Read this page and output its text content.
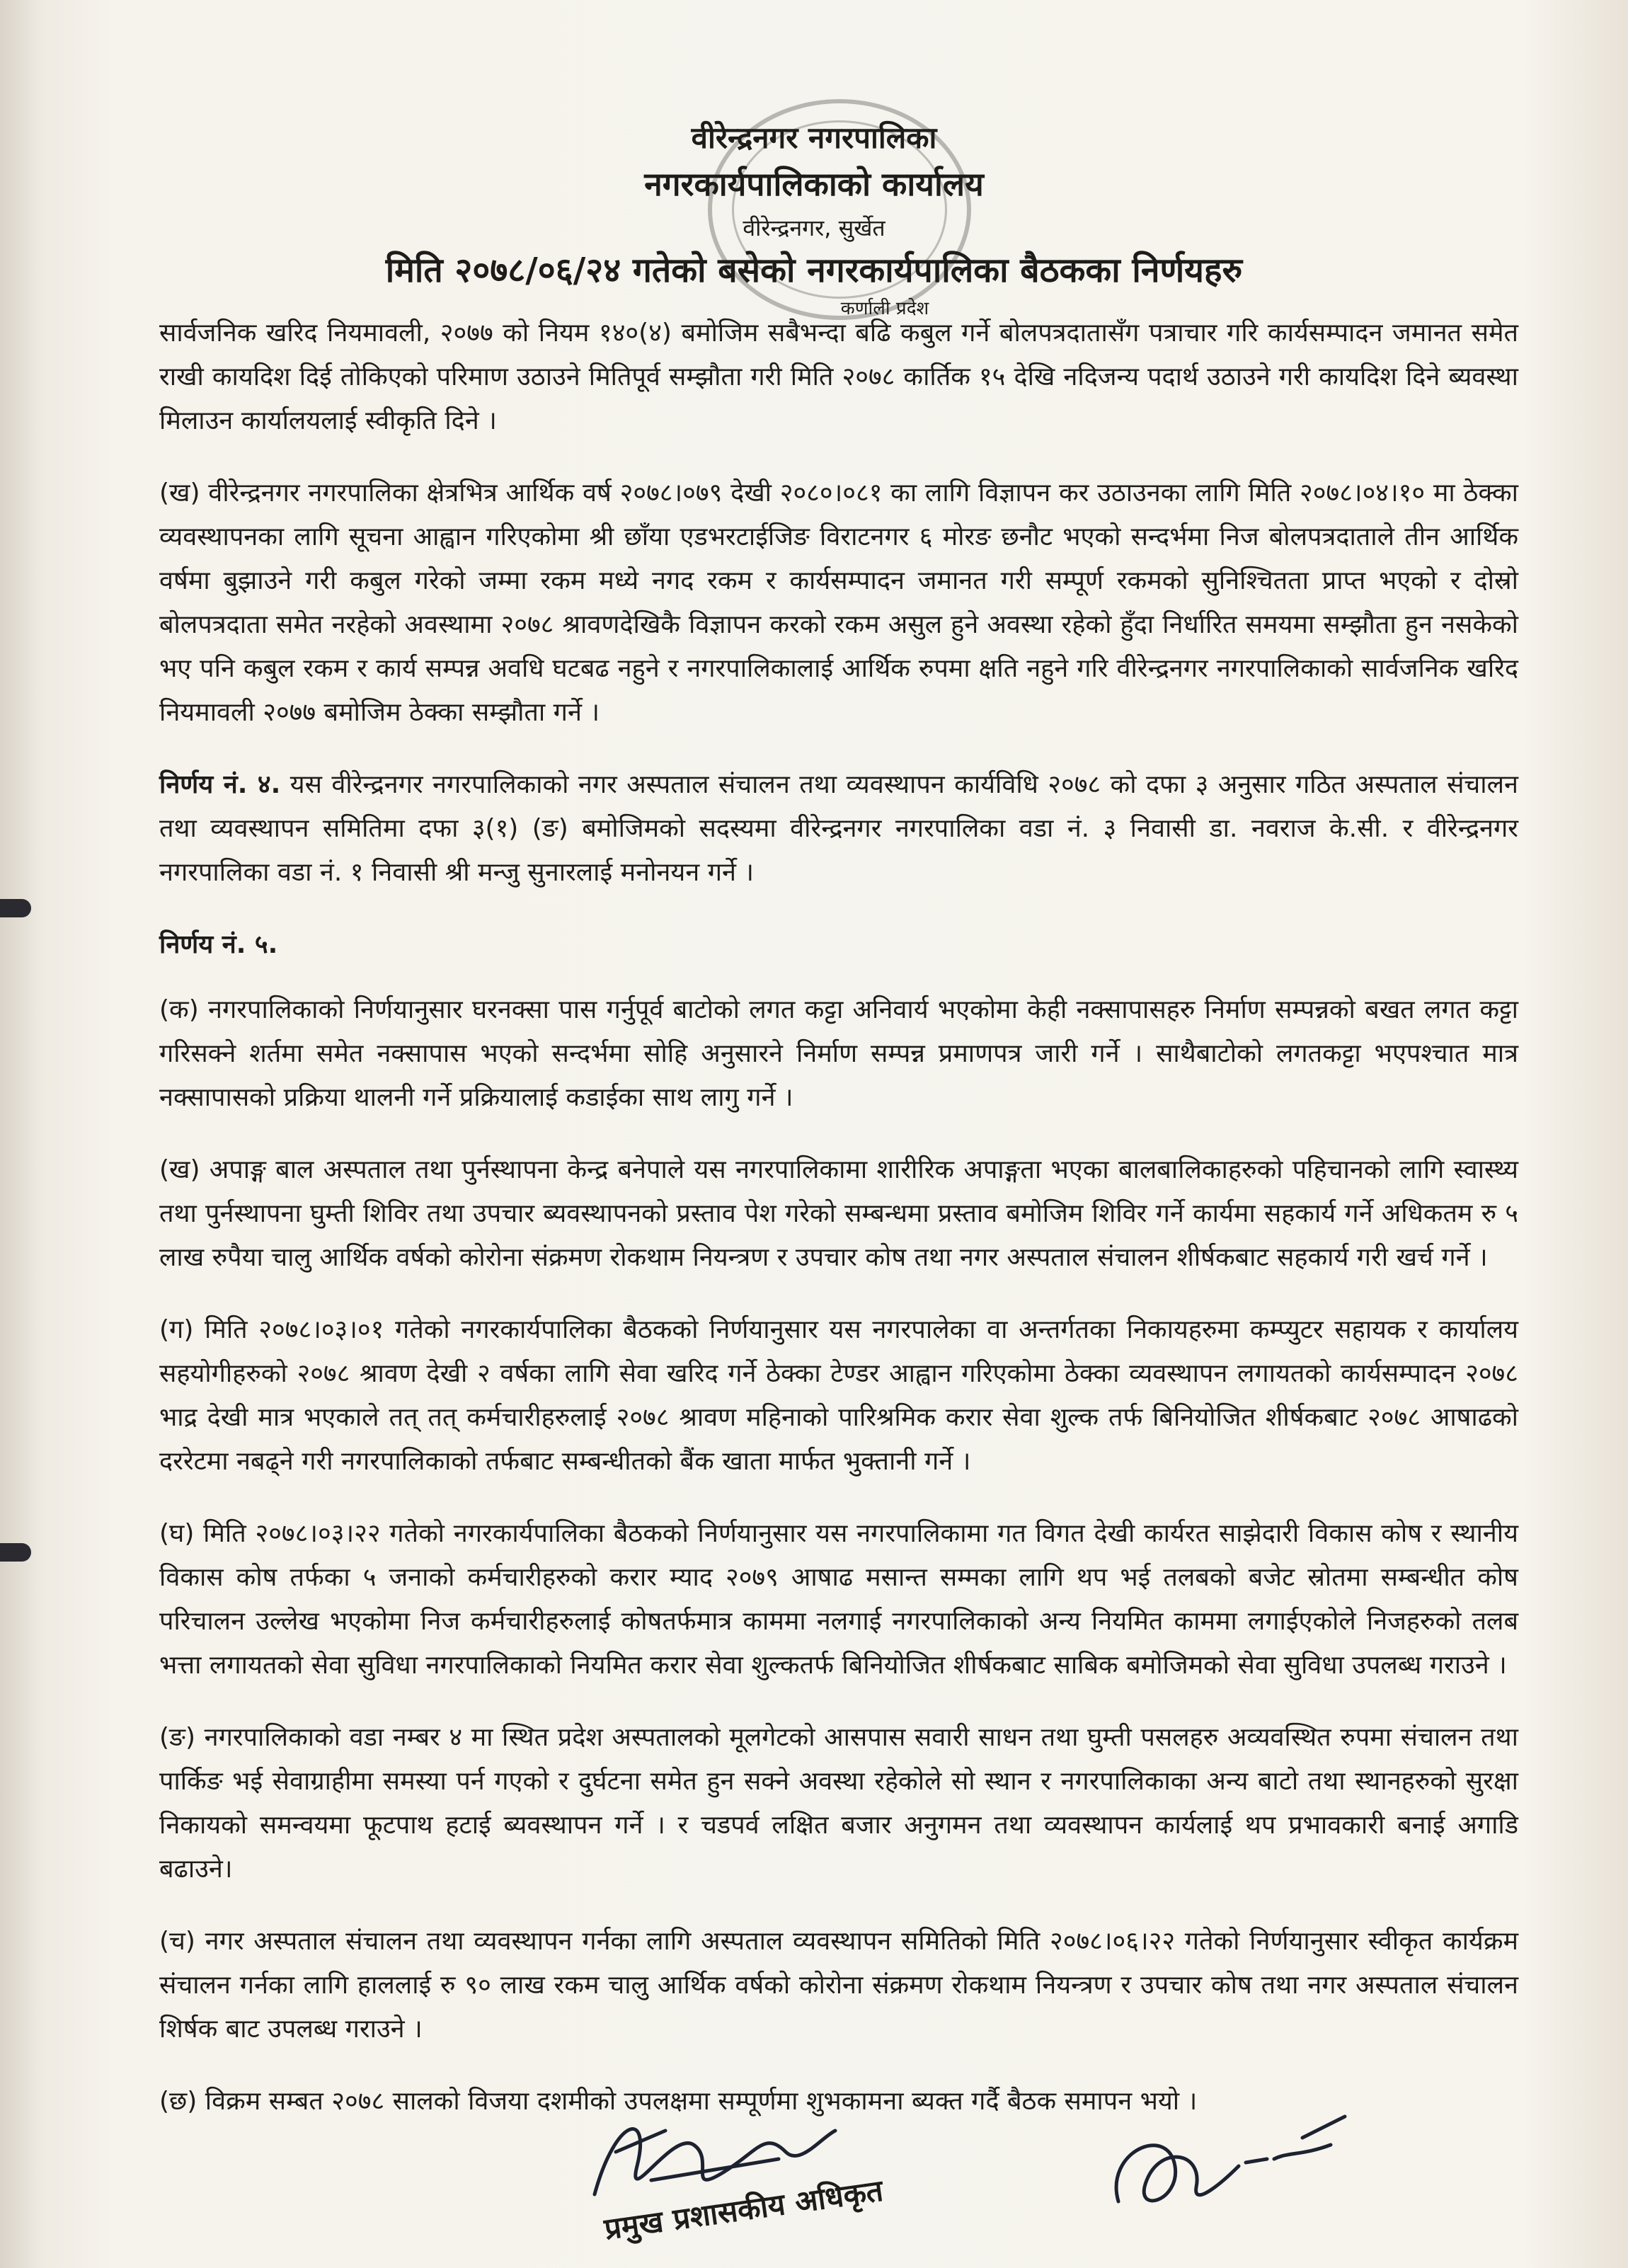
वीरेन्द्रनगर नगरपालिका
नगरकार्यपालिकाको कार्यालय
वीरेन्द्रनगर, सुर्खेत
मिति २०७८/०६/२४ गतेको बसेको नगरकार्यपालिका बैठकका निर्णयहरु
कर्णाली प्रदेश

सार्वजनिक खरिद नियमावली, २०७७ को नियम १४०(४) बमोजिम सबैभन्दा बढि कबुल गर्ने बोलपत्रदातासँग पत्राचार गरि कार्यसम्पादन जमानत समेत राखी कायदिश दिई तोकिएको परिमाण उठाउने मितिपूर्व सम्झौता गरी मिति २०७८ कार्तिक १५ देखि नदिजन्य पदार्थ उठाउने गरी कायदिश दिने ब्यवस्था मिलाउन कार्यालयलाई स्वीकृति दिने ।

(ख) वीरेन्द्रनगर नगरपालिका क्षेत्रभित्र आर्थिक वर्ष २०७८।०७९ देखी २०८०।०८१ का लागि विज्ञापन कर उठाउनका लागि मिति २०७८।०४।१० मा ठेक्का व्यवस्थापनका लागि सूचना आह्वान गरिएकोमा श्री छाँया एडभरटाईजिङ विराटनगर ६ मोरङ छनौट भएको सन्दर्भमा निज बोलपत्रदाताले तीन आर्थिक वर्षमा बुझाउने गरी कबुल गरेको जम्मा रकम मध्ये नगद रकम र कार्यसम्पादन जमानत गरी सम्पूर्ण रकमको सुनिश्चितता प्राप्त भएको र दोस्रो बोलपत्रदाता समेत नरहेको अवस्थामा २०७८ श्रावणदेखिकै विज्ञापन करको रकम असुल हुने अवस्था रहेको हुँदा निर्धारित समयमा सम्झौता हुन नसकेको भए पनि कबुल रकम र कार्य सम्पन्न अवधि घटबढ नहुने र नगरपालिकालाई आर्थिक रुपमा क्षति नहुने गरि वीरेन्द्रनगर नगरपालिकाको सार्वजनिक खरिद नियमावली २०७७ बमोजिम ठेक्का सम्झौता गर्ने ।

निर्णय नं. ४. यस वीरेन्द्रनगर नगरपालिकाको नगर अस्पताल संचालन तथा व्यवस्थापन कार्यविधि २०७८ को दफा ३ अनुसार गठित अस्पताल संचालन तथा व्यवस्थापन समितिमा दफा ३(१) (ङ) बमोजिमको सदस्यमा वीरेन्द्रनगर नगरपालिका वडा नं. ३ निवासी डा. नवराज के.सी. र वीरेन्द्रनगर नगरपालिका वडा नं. १ निवासी श्री मन्जु सुनारलाई मनोनयन गर्ने ।

निर्णय नं. ५.

(क) नगरपालिकाको निर्णयानुसार घरनक्सा पास गर्नुपूर्व बाटोको लगत कट्टा अनिवार्य भएकोमा केही नक्सापासहरु निर्माण सम्पन्नको बखत लगत कट्टा गरिसक्ने शर्तमा समेत नक्सापास भएको सन्दर्भमा सोहि अनुसारने निर्माण सम्पन्न प्रमाणपत्र जारी गर्ने । साथैबाटोको लगतकट्टा भएपश्चात मात्र नक्सापासको प्रक्रिया थालनी गर्ने प्रक्रियालाई कडाईका साथ लागु गर्ने ।

(ख) अपाङ्ग बाल अस्पताल तथा पुर्नस्थापना केन्द्र बनेपाले यस नगरपालिकामा शारीरिक अपाङ्गता भएका बालबालिकाहरुको पहिचानको लागि स्वास्थ्य तथा पुर्नस्थापना घुम्ती शिविर तथा उपचार ब्यवस्थापनको प्रस्ताव पेश गरेको सम्बन्धमा प्रस्ताव बमोजिम शिविर गर्ने कार्यमा सहकार्य गर्ने अधिकतम रु ५ लाख रुपैया चालु आर्थिक वर्षको कोरोना संक्रमण रोकथाम नियन्त्रण र उपचार कोष तथा नगर अस्पताल संचालन शीर्षकबाट सहकार्य गरी खर्च गर्ने ।

(ग) मिति २०७८।०३।०१ गतेको नगरकार्यपालिका बैठकको निर्णयानुसार यस नगरपालेका वा अन्तर्गतका निकायहरुमा कम्प्युटर सहायक र कार्यालय सहयोगीहरुको २०७८ श्रावण देखी २ वर्षका लागि सेवा खरिद गर्ने ठेक्का टेण्डर आह्वान गरिएकोमा ठेक्का व्यवस्थापन लगायतको कार्यसम्पादन २०७८ भाद्र देखी मात्र भएकाले तत् तत् कर्मचारीहरुलाई २०७८ श्रावण महिनाको पारिश्रमिक करार सेवा शुल्क तर्फ बिनियोजित शीर्षकबाट २०७८ आषाढको दररेटमा नबढ्ने गरी नगरपालिकाको तर्फबाट सम्बन्धीतको बैंक खाता मार्फत भुक्तानी गर्ने ।

(घ) मिति २०७८।०३।२२ गतेको नगरकार्यपालिका बैठकको निर्णयानुसार यस नगरपालिकामा गत विगत देखी कार्यरत साझेदारी विकास कोष र स्थानीय विकास कोष तर्फका ५ जनाको कर्मचारीहरुको करार म्याद २०७९ आषाढ मसान्त सम्मका लागि थप भई तलबको बजेट स्रोतमा सम्बन्धीत कोष परिचालन उल्लेख भएकोमा निज कर्मचारीहरुलाई कोषतर्फमात्र काममा नलगाई नगरपालिकाको अन्य नियमित काममा लगाईएकोले निजहरुको तलब भत्ता लगायतको सेवा सुविधा नगरपालिकाको नियमित करार सेवा शुल्कतर्फ बिनियोजित शीर्षकबाट साबिक बमोजिमको सेवा सुविधा उपलब्ध गराउने ।

(ङ) नगरपालिकाको वडा नम्बर ४ मा स्थित प्रदेश अस्पतालको मूलगेटको आसपास सवारी साधन तथा घुम्ती पसलहरु अव्यवस्थित रुपमा संचालन तथा पार्किङ भई सेवाग्राहीमा समस्या पर्न गएको र दुर्घटना समेत हुन सक्ने अवस्था रहेकोले सो स्थान र नगरपालिकाका अन्य बाटो तथा स्थानहरुको सुरक्षा निकायको समन्वयमा फूटपाथ हटाई ब्यवस्थापन गर्ने । र चडपर्व लक्षित बजार अनुगमन तथा व्यवस्थापन कार्यलाई थप प्रभावकारी बनाई अगाडि बढाउने।

(च) नगर अस्पताल संचालन तथा व्यवस्थापन गर्नका लागि अस्पताल व्यवस्थापन समितिको मिति २०७८।०६।२२ गतेको निर्णयानुसार स्वीकृत कार्यक्रम संचालन गर्नका लागि हाललाई रु ९० लाख रकम चालु आर्थिक वर्षको कोरोना संक्रमण रोकथाम नियन्त्रण र उपचार कोष तथा नगर अस्पताल संचालन शिर्षक बाट उपलब्ध गराउने ।

(छ) विक्रम सम्बत २०७८ सालको विजया दशमीको उपलक्षमा सम्पूर्णमा शुभकामना ब्यक्त गर्दै बैठक समापन भयो ।

प्रमुख प्रशासकीय अधिकृत
